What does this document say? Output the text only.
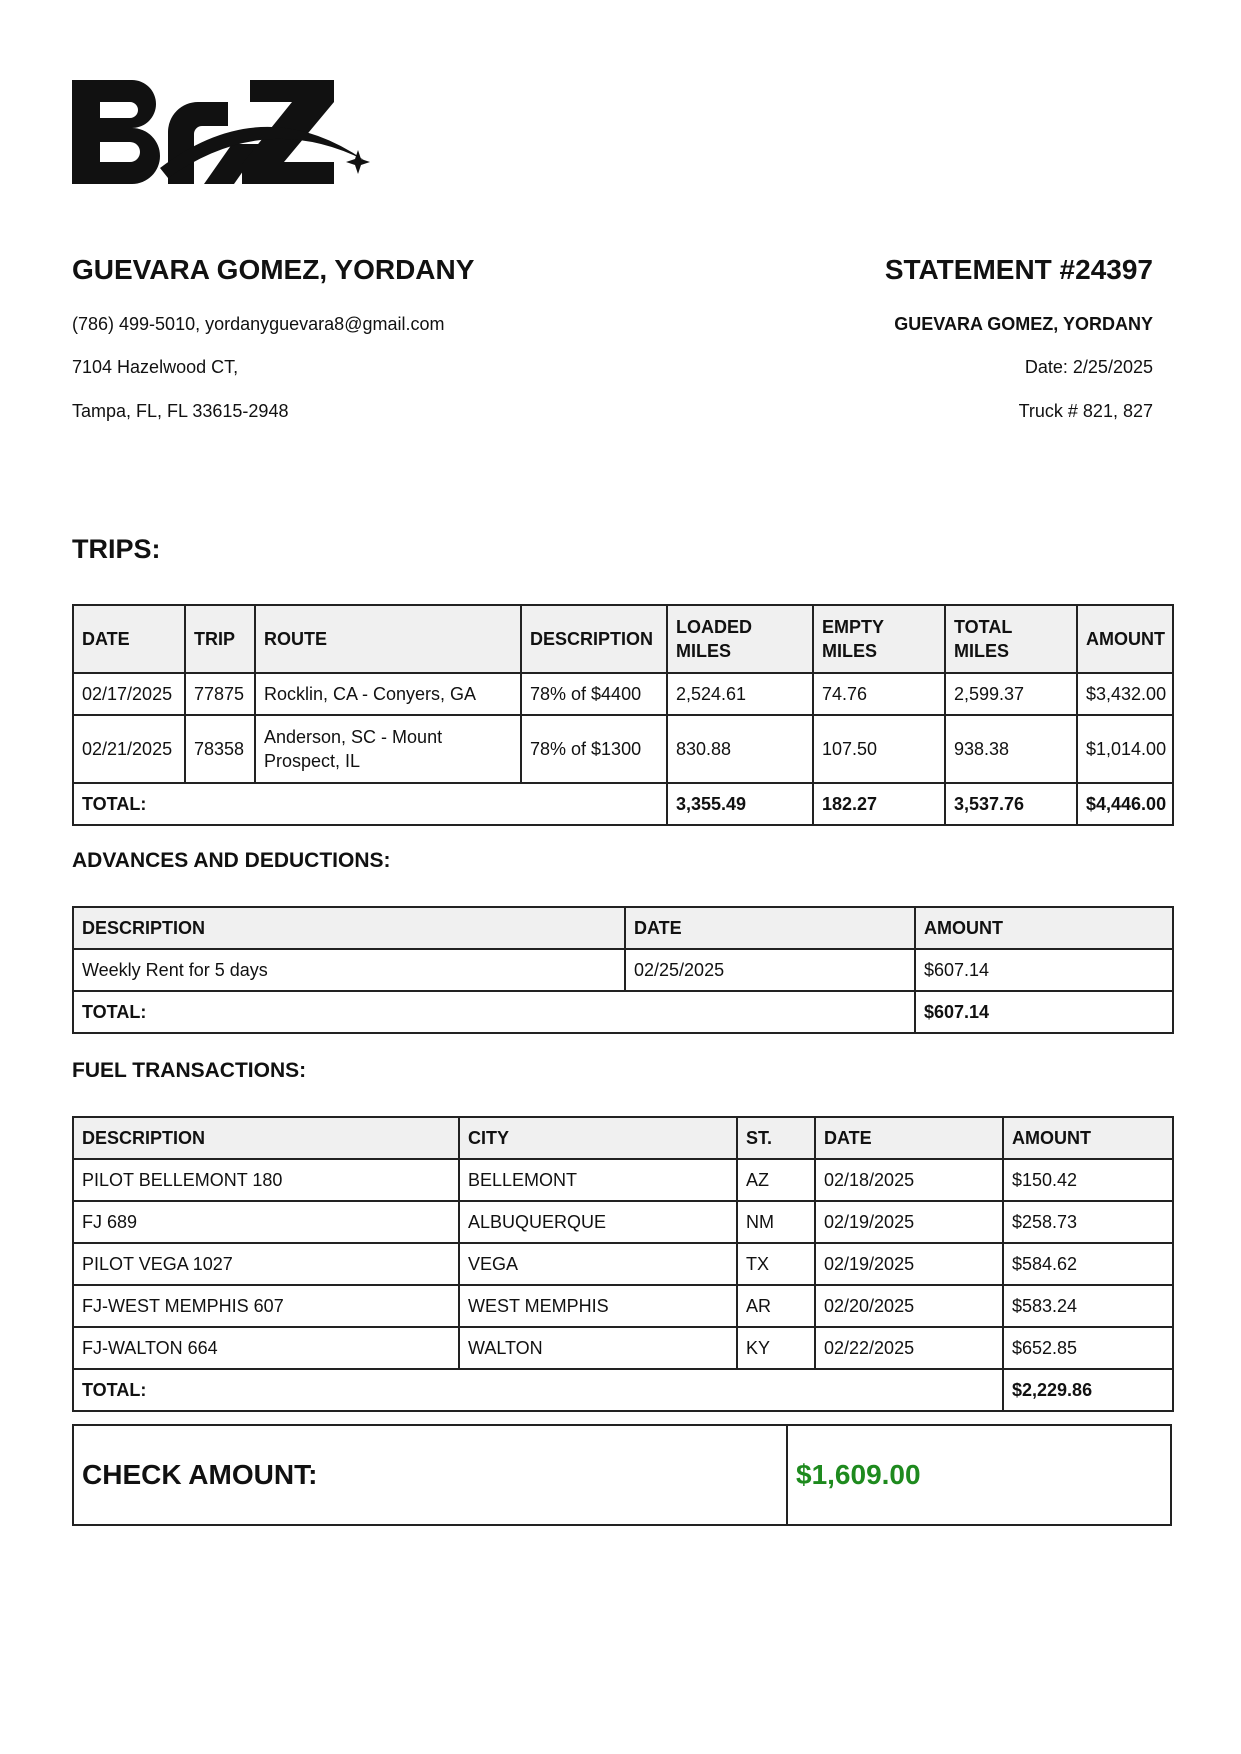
GUEVARA GOMEZ, YORDANY
(786) 499-5010, yordanyguevara8@gmail.com
7104 Hazelwood CT,
Tampa, FL, FL 33615-2948
STATEMENT #24397
GUEVARA GOMEZ, YORDANY
Date: 2/25/2025
Truck # 821, 827
TRIPS:
DATE	TRIP	ROUTE	DESCRIPTION	LOADED MILES	EMPTY MILES	TOTAL MILES	AMOUNT
02/17/2025	77875	Rocklin, CA - Conyers, GA	78% of $4400	2,524.61	74.76	2,599.37	$3,432.00
02/21/2025	78358	Anderson, SC - Mount Prospect, IL	78% of $1300	830.88	107.50	938.38	$1,014.00
TOTAL:				3,355.49	182.27	3,537.76	$4,446.00
ADVANCES AND DEDUCTIONS:
DESCRIPTION	DATE	AMOUNT
Weekly Rent for 5 days	02/25/2025	$607.14
TOTAL:		$607.14
FUEL TRANSACTIONS:
DESCRIPTION	CITY	ST.	DATE	AMOUNT
PILOT BELLEMONT 180	BELLEMONT	AZ	02/18/2025	$150.42
FJ 689	ALBUQUERQUE	NM	02/19/2025	$258.73
PILOT VEGA 1027	VEGA	TX	02/19/2025	$584.62
FJ-WEST MEMPHIS 607	WEST MEMPHIS	AR	02/20/2025	$583.24
FJ-WALTON 664	WALTON	KY	02/22/2025	$652.85
TOTAL:				$2,229.86
CHECK AMOUNT:	$1,609.00
